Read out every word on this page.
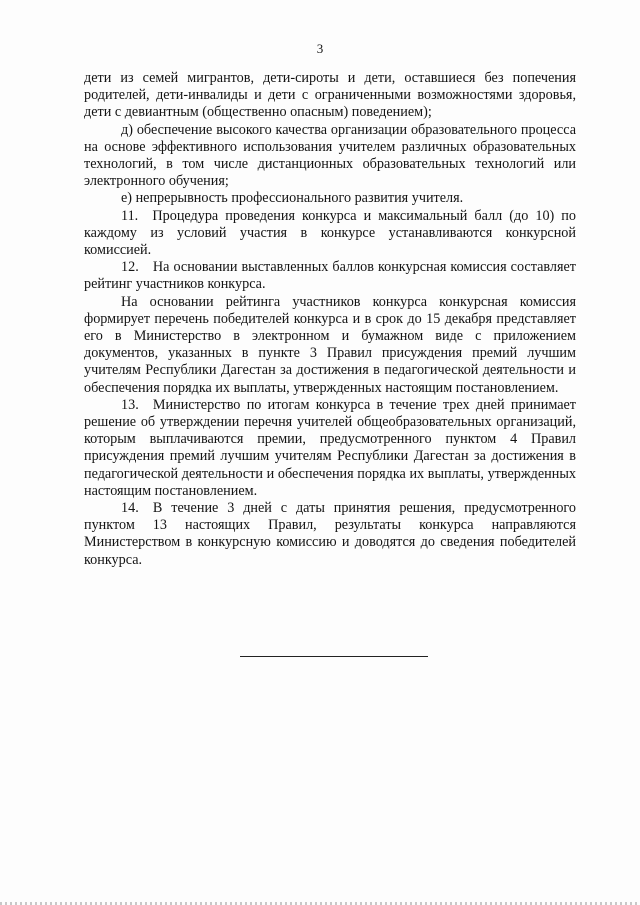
3

дети из семей мигрантов, дети-сироты и дети, оставшиеся без попечения родителей, дети-инвалиды и дети с ограниченными возможностями здоровья, дети с девиантным (общественно опасным) поведением);

д) обеспечение высокого качества организации образовательного процесса на основе эффективного использования учителем различных образовательных технологий, в том числе дистанционных образовательных технологий или электронного обучения;

е) непрерывность профессионального развития учителя.

11. Процедура проведения конкурса и максимальный балл (до 10) по каждому из условий участия в конкурсе устанавливаются конкурсной комиссией.

12. На основании выставленных баллов конкурсная комиссия составляет рейтинг участников конкурса.

На основании рейтинга участников конкурса конкурсная комиссия формирует перечень победителей конкурса и в срок до 15 декабря представляет его в Министерство в электронном и бумажном виде с приложением документов, указанных в пункте 3 Правил присуждения премий лучшим учителям Республики Дагестан за достижения в педагогической деятельности и обеспечения порядка их выплаты, утвержденных настоящим постановлением.

13. Министерство по итогам конкурса в течение трех дней принимает решение об утверждении перечня учителей общеобразовательных организаций, которым выплачиваются премии, предусмотренного пунктом 4 Правил присуждения премий лучшим учителям Республики Дагестан за достижения в педагогической деятельности и обеспечения порядка их выплаты, утвержденных настоящим постановлением.

14. В течение 3 дней с даты принятия решения, предусмотренного пунктом 13 настоящих Правил, результаты конкурса направляются Министерством в конкурсную комиссию и доводятся до сведения победителей конкурса.
